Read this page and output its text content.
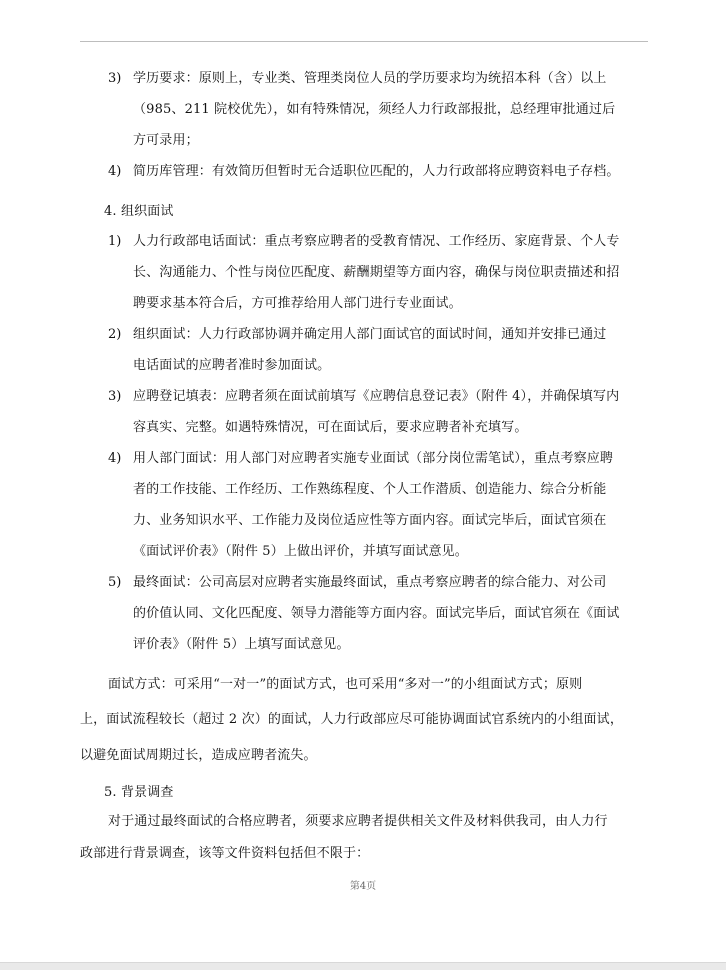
3) 学历要求：原则上，专业类、管理类岗位人员的学历要求均为统招本科（含）以上
（985、211 院校优先），如有特殊情况，须经人力行政部报批，总经理审批通过后
方可录用；
4) 简历库管理：有效简历但暂时无合适职位匹配的，人力行政部将应聘资料电子存档。
4. 组织面试
1) 人力行政部电话面试：重点考察应聘者的受教育情况、工作经历、家庭背景、个人专
长、沟通能力、个性与岗位匹配度、薪酬期望等方面内容，确保与岗位职责描述和招
聘要求基本符合后，方可推荐给用人部门进行专业面试。
2) 组织面试：人力行政部协调并确定用人部门面试官的面试时间，通知并安排已通过
电话面试的应聘者准时参加面试。
3) 应聘登记填表：应聘者须在面试前填写《应聘信息登记表》（附件 4），并确保填写内
容真实、完整。如遇特殊情况，可在面试后，要求应聘者补充填写。
4) 用人部门面试：用人部门对应聘者实施专业面试（部分岗位需笔试），重点考察应聘
者的工作技能、工作经历、工作熟练程度、个人工作潜质、创造能力、综合分析能
力、业务知识水平、工作能力及岗位适应性等方面内容。面试完毕后，面试官须在
《面试评价表》（附件 5）上做出评价，并填写面试意见。
5) 最终面试：公司高层对应聘者实施最终面试，重点考察应聘者的综合能力、对公司
的价值认同、文化匹配度、领导力潜能等方面内容。面试完毕后，面试官须在《面试
评价表》（附件 5）上填写面试意见。
面试方式：可采用“一对一”的面试方式，也可采用“多对一”的小组面试方式；原则
上，面试流程较长（超过 2 次）的面试，人力行政部应尽可能协调面试官系统内的小组面试，
以避免面试周期过长，造成应聘者流失。
5. 背景调查
对于通过最终面试的合格应聘者，须要求应聘者提供相关文件及材料供我司，由人力行
政部进行背景调查，该等文件资料包括但不限于：
第4页
